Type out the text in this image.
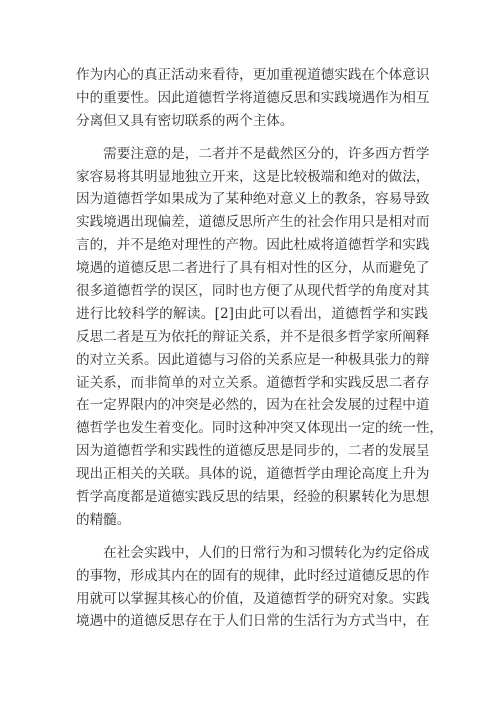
作为内心的真正活动来看待，更加重视道德实践在个体意识
中的重要性。因此道德哲学将道德反思和实践境遇作为相互
分离但又具有密切联系的两个主体。
　　需要注意的是，二者并不是截然区分的，许多西方哲学
家容易将其明显地独立开来，这是比较极端和绝对的做法，
因为道德哲学如果成为了某种绝对意义上的教条，容易导致
实践境遇出现偏差，道德反思所产生的社会作用只是相对而
言的，并不是绝对理性的产物。因此杜威将道德哲学和实践
境遇的道德反思二者进行了具有相对性的区分，从而避免了
很多道德哲学的误区，同时也方便了从现代哲学的角度对其
进行比较科学的解读。[2]由此可以看出，道德哲学和实践
反思二者是互为依托的辩证关系，并不是很多哲学家所阐释
的对立关系。因此道德与习俗的关系应是一种极具张力的辩
证关系，而非简单的对立关系。道德哲学和实践反思二者存
在一定界限内的冲突是必然的，因为在社会发展的过程中道
德哲学也发生着变化。同时这种冲突又体现出一定的统一性，
因为道德哲学和实践性的道德反思是同步的，二者的发展呈
现出正相关的关联。具体的说，道德哲学由理论高度上升为
哲学高度都是道德实践反思的结果，经验的积累转化为思想
的精髓。
　　在社会实践中，人们的日常行为和习惯转化为约定俗成
的事物，形成其内在的固有的规律，此时经过道德反思的作
用就可以掌握其核心的价值，及道德哲学的研究对象。实践
境遇中的道德反思存在于人们日常的生活行为方式当中，在
